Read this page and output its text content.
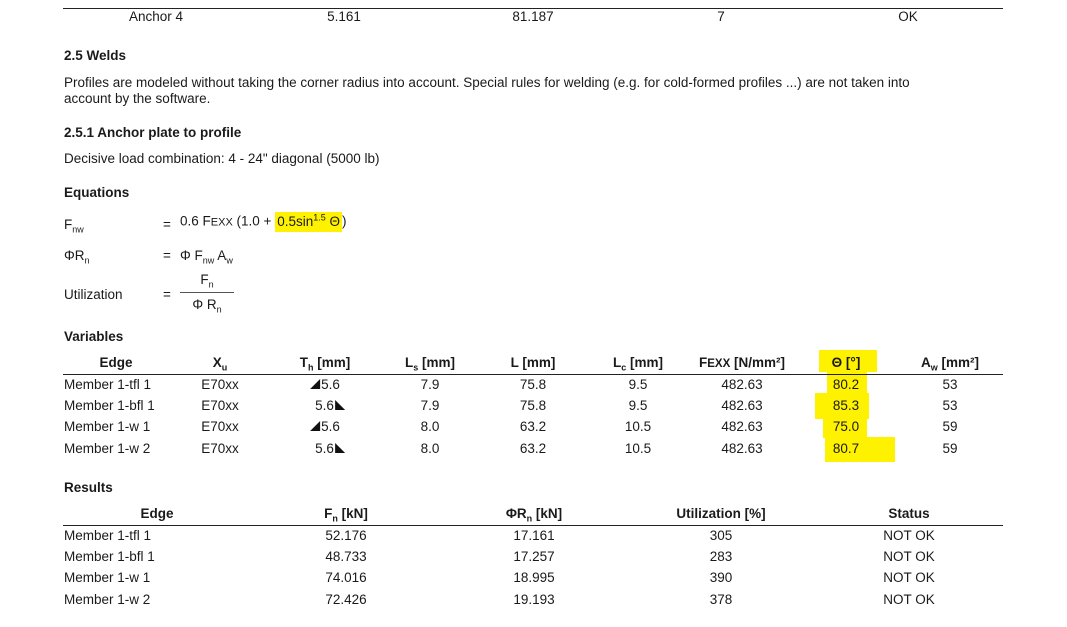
Anchor 4	5.161	81.187	7	OK
2.5 Welds
Profiles are modeled without taking the corner radius into account. Special rules for welding (e.g. for cold-formed profiles ...) are not taken into
account by the software.
2.5.1 Anchor plate to profile
Decisive load combination: 4 - 24" diagonal (5000 lb)
Equations
$F_{nw}$	= 0.6 FEXX ($1.0 + 0.5\sin^{1.5}$ Θ )
$\Phi R_n$	= Φ $F_{nw}$ $A_w$
Utilization	=
$F_n$
Φ $R_n$
Variables
Edge	$X_u$	$T_h$ [mm]	$L_s$ [mm]	L [mm]	$L_c$ [mm]	FEXX [N/mm²]	Θ [°]	$A_w$ [mm²]
Member 1-tfl 1	E70xx	5.6	7.9	75.8	9.5	482.63	80.2	53
Member 1-bfl 1	E70xx	5.6	7.9	75.8	9.5	482.63	85.3	53
Member 1-w 1	E70xx	5.6	8.0	63.2	10.5	482.63	75.0	59
Member 1-w 2	E70xx	5.6	8.0	63.2	10.5	482.63	80.7	59
Results
Edge	$F_n$ [kN]	$\Phi R_n$ [kN]	Utilization [%]	Status
Member 1-tfl 1	52.176	17.161	305	NOT OK
Member 1-bfl 1	48.733	17.257	283	NOT OK
Member 1-w 1	74.016	18.995	390	NOT OK
Member 1-w 2	72.426	19.193	378	NOT OK
